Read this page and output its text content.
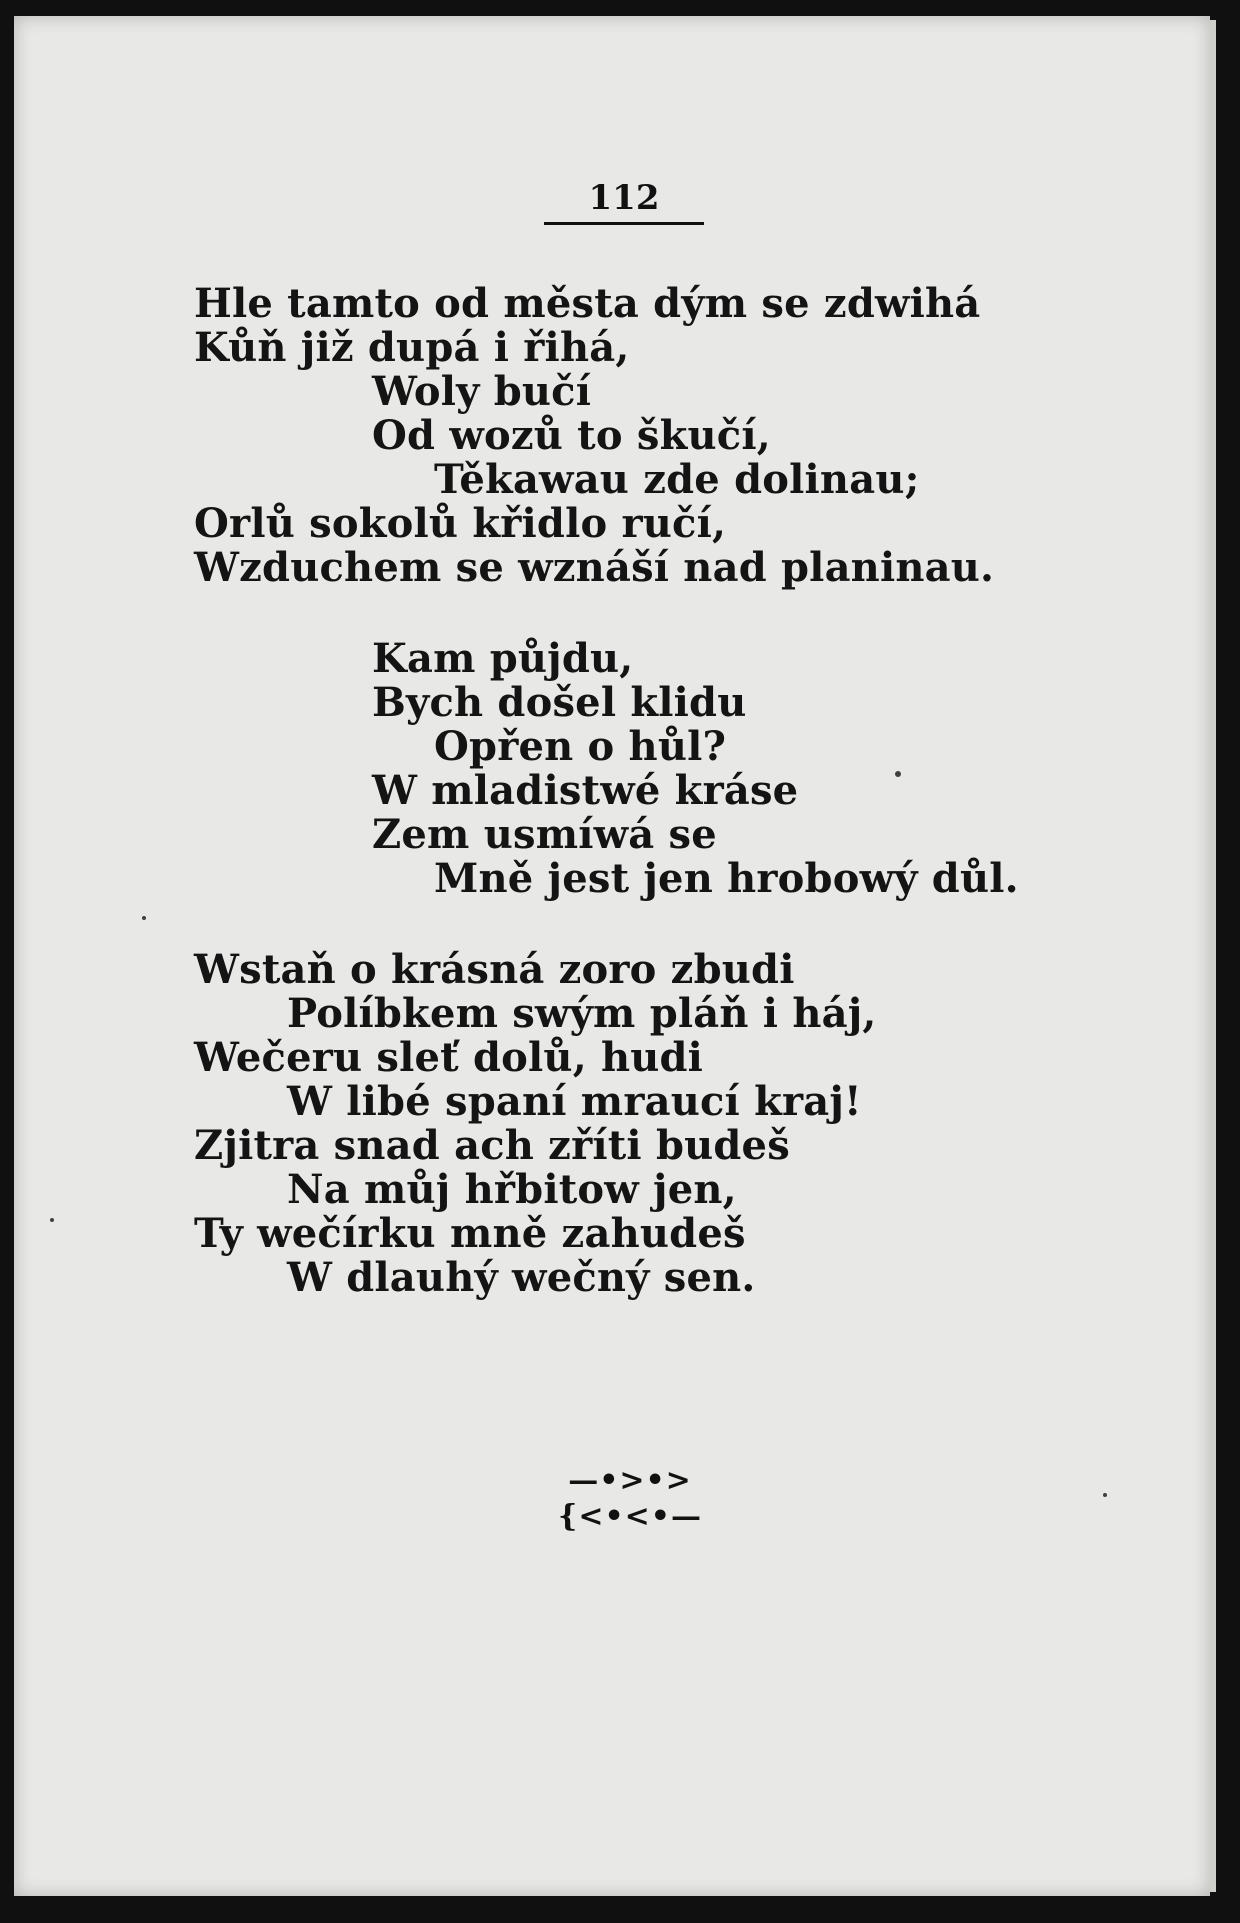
112
Hle tamto od města dým se zdwihá
Kůň již dupá i řihá,
Woly bučí
Od wozů to škučí,
Těkawau zde dolinau;
Orlů sokolů křidlo ručí,
Wzduchem se wznáší nad planinau.
Kam půjdu,
Bych došel klidu
Opřen o hůl?
W mladistwé kráse
Zem usmíwá se
Mně jest jen hrobowý důl.
Wstaň o krásná zoro zbudi
Políbkem swým pláň i háj,
Wečeru sleť dolů, hudi
W libé spaní mraucí kraj!
Zjitra snad ach zříti budeš
Na můj hřbitow jen,
Ty wečírku mně zahudeš
W dlauhý wečný sen.
—•>•>{<•<•—
